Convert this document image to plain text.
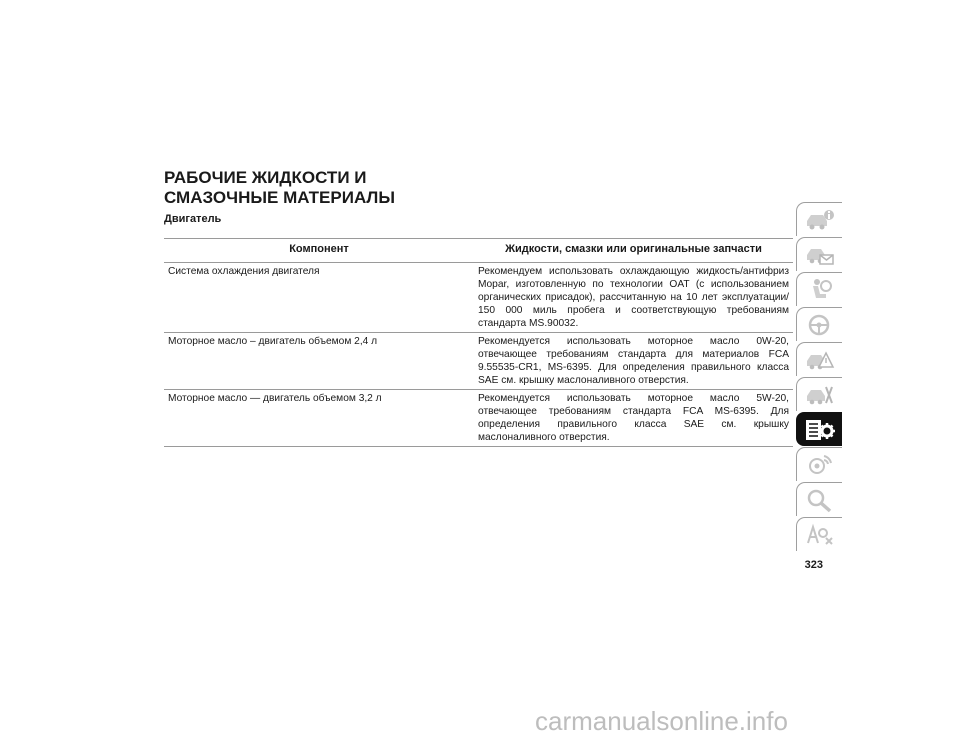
РАБОЧИЕ ЖИДКОСТИ И
СМАЗОЧНЫЕ МАТЕРИАЛЫ
Двигатель
Компонент	Жидкости, смазки или оригинальные запчасти
Система охлаждения двигателя	Рекомендуем использовать охлаждающую жидкость/антифриз Mopar, изготовленную по технологии OAT (с использованием органических присадок), рассчитанную на 10 лет эксплуатации/ 150 000 миль пробега и соответствующую требованиям стандарта MS.90032.
Моторное масло – двигатель объемом 2,4 л	Рекомендуется использовать моторное масло 0W-20, отвечающее требованиям стандарта для материалов FCA 9.55535-CR1, MS-6395. Для определения правильного класса SAE см. крышку маслоналивного отверстия.
Моторное масло — двигатель объемом 3,2 л	Рекомендуется использовать моторное масло 5W-20, отвечающее требованиям стандарта FCA MS-6395. Для определения правильного класса SAE см. крышку маслоналивного отверстия.
323
carmanualsonline.info
